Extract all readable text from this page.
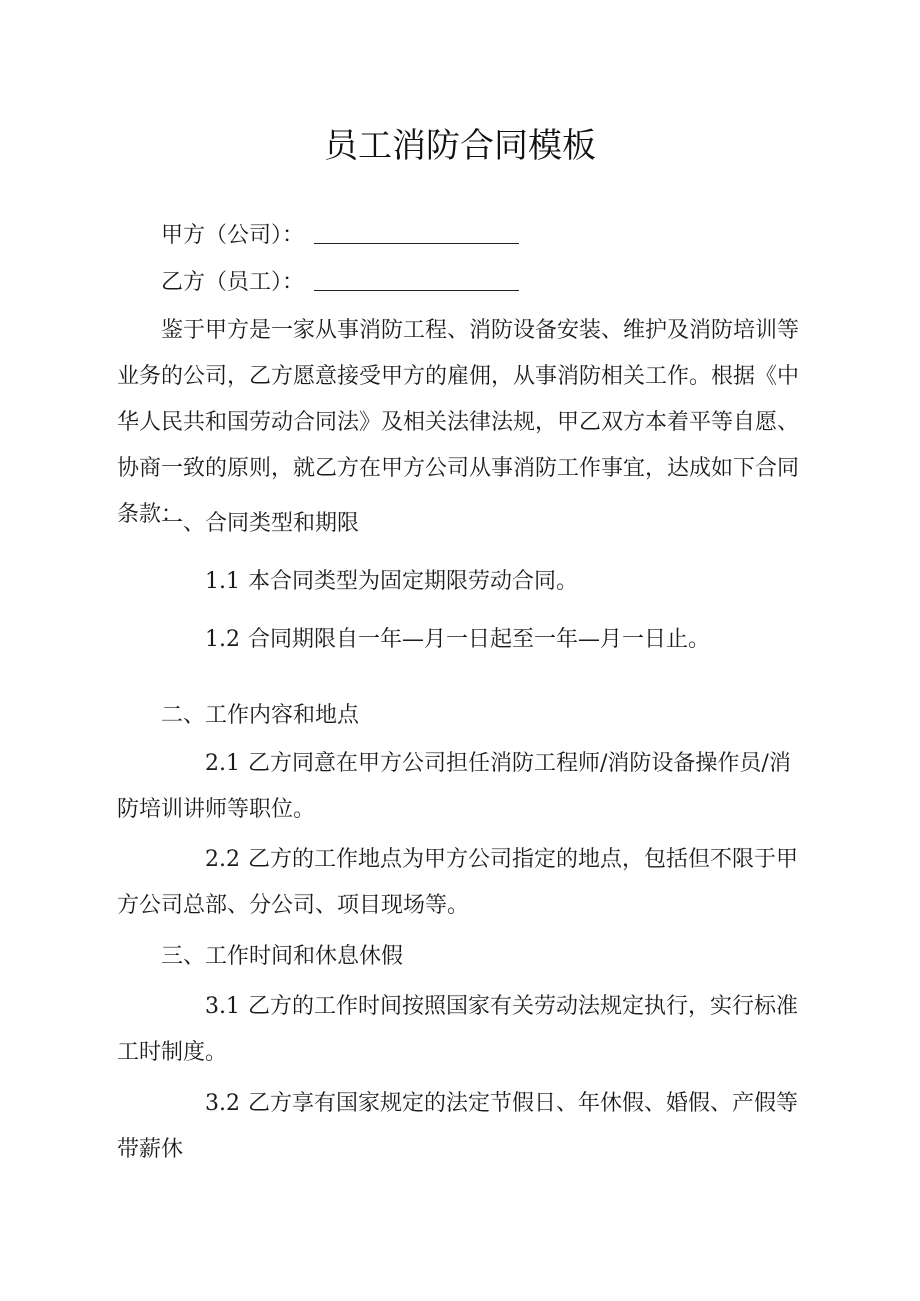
员工消防合同模板

甲方（公司）：

乙方（员工）：

鉴于甲方是一家从事消防工程、消防设备安装、维护及消防培训等业务的公司，乙方愿意接受甲方的雇佣，从事消防相关工作。根据《中华人民共和国劳动合同法》及相关法律法规，甲乙双方本着平等自愿、协商一致的原则，就乙方在甲方公司从事消防工作事宜，达成如下合同条款：

一、合同类型和期限

1.1 本合同类型为固定期限劳动合同。

1.2 合同期限自一年—月一日起至一年—月一日止。

二、工作内容和地点

2.1 乙方同意在甲方公司担任消防工程师/消防设备操作员/消防培训讲师等职位。

2.2 乙方的工作地点为甲方公司指定的地点，包括但不限于甲方公司总部、分公司、项目现场等。

三、工作时间和休息休假

3.1 乙方的工作时间按照国家有关劳动法规定执行，实行标准工时制度。

3.2 乙方享有国家规定的法定节假日、年休假、婚假、产假等带薪休
